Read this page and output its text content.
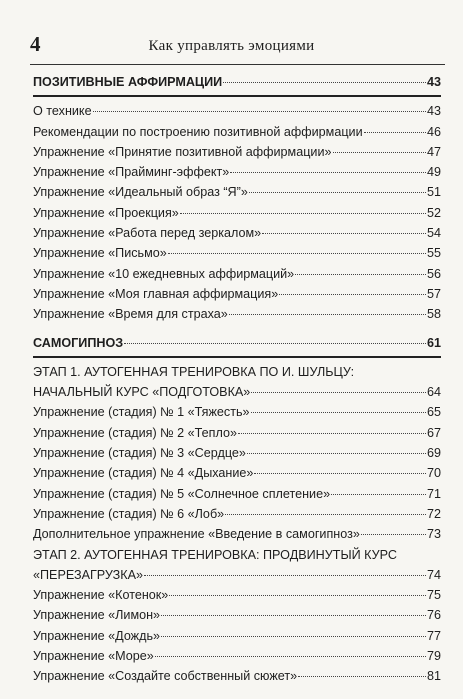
4	Как управлять эмоциями
ПОЗИТИВНЫЕ АФФИРМАЦИИ	43
О технике	43
Рекомендации по построению позитивной аффирмации	46
Упражнение «Принятие позитивной аффирмации»	47
Упражнение «Прайминг-эффект»	49
Упражнение «Идеальный образ “Я”»	51
Упражнение «Проекция»	52
Упражнение «Работа перед зеркалом»	54
Упражнение «Письмо»	55
Упражнение «10 ежедневных аффирмаций»	56
Упражнение «Моя главная аффирмация»	57
Упражнение «Время для страха»	58
САМОГИПНОЗ	61
ЭТАП 1. АУТОГЕННАЯ ТРЕНИРОВКА ПО И. ШУЛЬЦУ:
НАЧАЛЬНЫЙ КУРС «ПОДГОТОВКА»	64
Упражнение (стадия) № 1 «Тяжесть»	65
Упражнение (стадия) № 2 «Тепло»	67
Упражнение (стадия) № 3 «Сердце»	69
Упражнение (стадия) № 4 «Дыхание»	70
Упражнение (стадия) № 5 «Солнечное сплетение»	71
Упражнение (стадия) № 6 «Лоб»	72
Дополнительное упражнение «Введение в самогипноз»	73
ЭТАП 2. АУТОГЕННАЯ ТРЕНИРОВКА: ПРОДВИНУТЫЙ КУРС
«ПЕРЕЗАГРУЗКА»	74
Упражнение «Котенок»	75
Упражнение «Лимон»	76
Упражнение «Дождь»	77
Упражнение «Море»	79
Упражнение «Создайте собственный сюжет»	81
